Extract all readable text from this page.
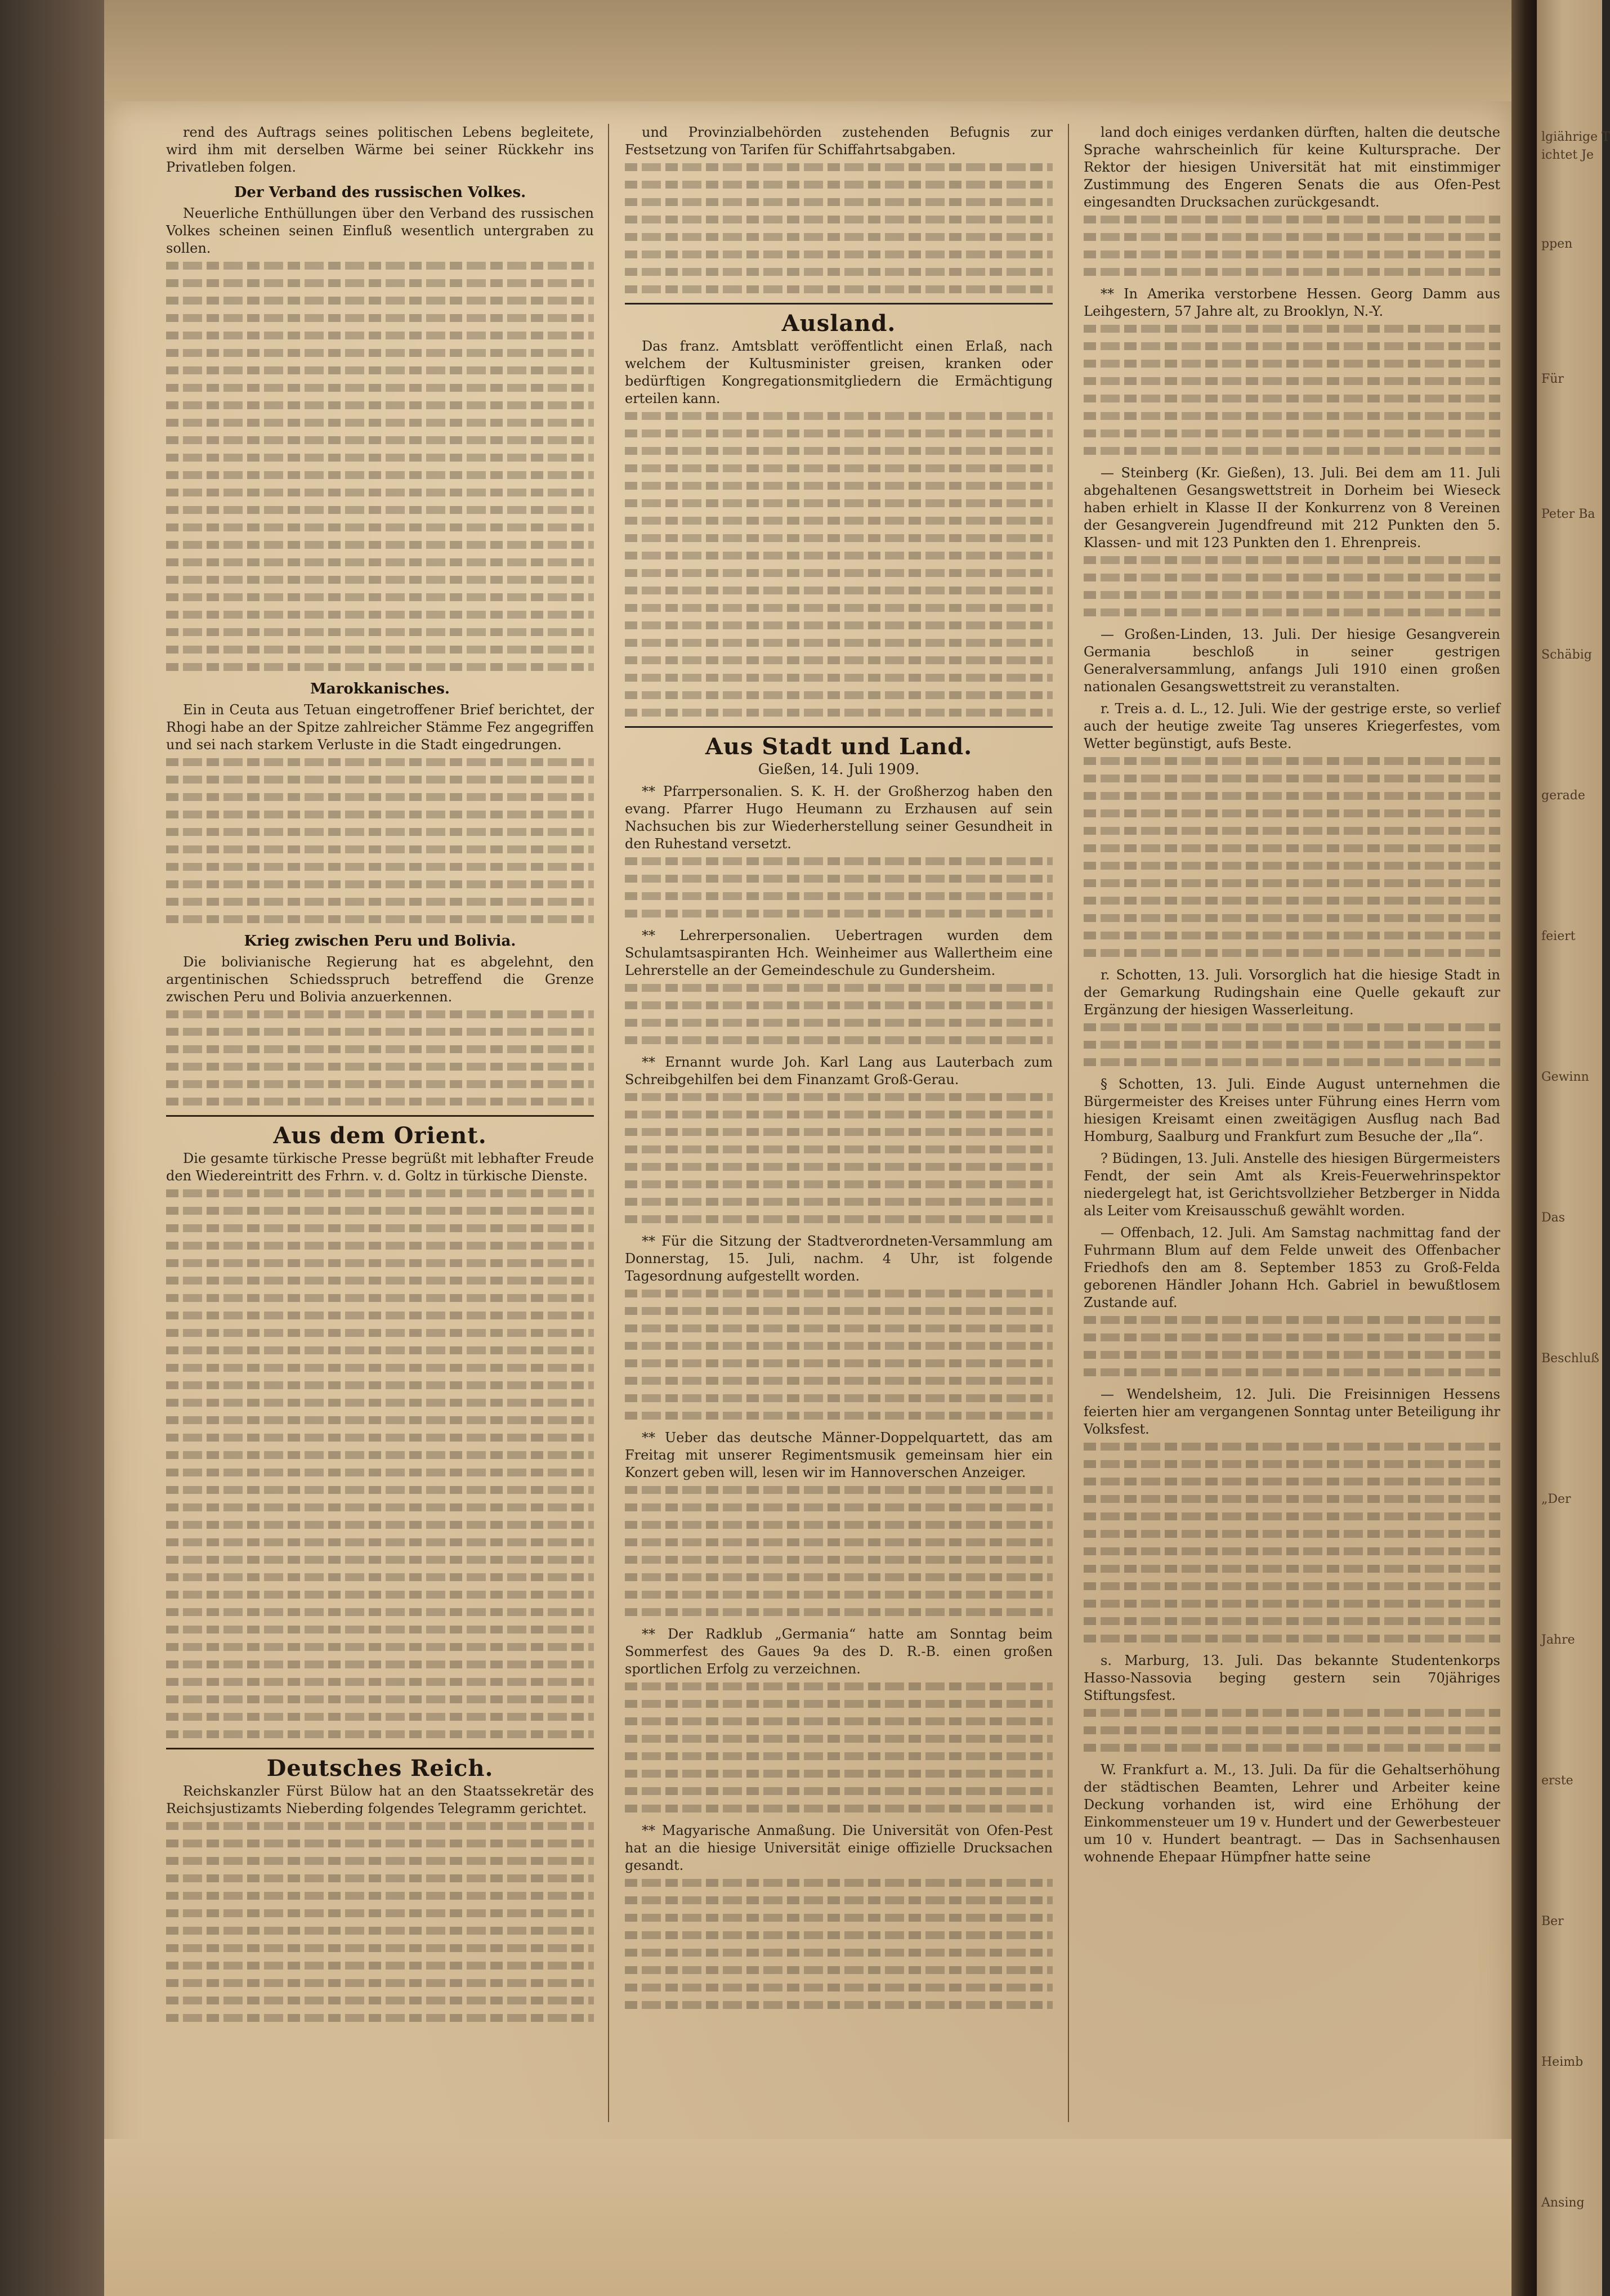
rend des Auftrags seines politischen Lebens begleitete, wird ihm mit derselben Wärme bei seiner Rückkehr ins Privatleben folgen.

Der Verband des russischen Volkes.

Neuerliche Enthüllungen über den Verband des russischen Volkes scheinen seinen Einfluß wesentlich untergraben zu sollen.

Marokkanisches.

Ein in Ceuta aus Tetuan eingetroffener Brief berichtet, der Rhogi habe an der Spitze zahlreicher Stämme Fez angegriffen und sei nach starkem Verluste in die Stadt eingedrungen.

Krieg zwischen Peru und Bolivia.

Die bolivianische Regierung hat es abgelehnt, den argentinischen Schiedsspruch betreffend die Grenze zwischen Peru und Bolivia anzuerkennen.

Aus dem Orient.

Die gesamte türkische Presse begrüßt mit lebhafter Freude den Wiedereintritt des Frhrn. v. d. Goltz in türkische Dienste.

Deutsches Reich.

Reichskanzler Fürst Bülow hat an den Staatssekretär des Reichsjustizamts Nieberding folgendes Telegramm gerichtet.

und Provinzialbehörden zustehenden Befugnis zur Festsetzung von Tarifen für Schiffahrtsabgaben.

Ausland.

Das franz. Amtsblatt veröffentlicht einen Erlaß, nach welchem der Kultusminister greisen, kranken oder bedürftigen Kongregationsmitgliedern die Ermächtigung erteilen kann.

Aus Stadt und Land.
Gießen, 14. Juli 1909.

** Pfarrpersonalien. S. K. H. der Großherzog haben den evang. Pfarrer Hugo Heumann zu Erzhausen auf sein Nachsuchen bis zur Wiederherstellung seiner Gesundheit in den Ruhestand versetzt.

** Lehrerpersonalien. Uebertragen wurden dem Schulamtsaspiranten Hch. Weinheimer aus Wallertheim eine Lehrerstelle an der Gemeindeschule zu Gundersheim.

** Ernannt wurde Joh. Karl Lang aus Lauterbach zum Schreibgehilfen bei dem Finanzamt Groß-Gerau.

** Für die Sitzung der Stadtverordneten-Versammlung am Donnerstag, 15. Juli, nachm. 4 Uhr, ist folgende Tagesordnung aufgestellt worden.

** Ueber das deutsche Männer-Doppelquartett, das am Freitag mit unserer Regimentsmusik gemeinsam hier ein Konzert geben will, lesen wir im Hannoverschen Anzeiger.

** Der Radklub „Germania“ hatte am Sonntag beim Sommerfest des Gaues 9a des D. R.-B. einen großen sportlichen Erfolg zu verzeichnen.

** Magyarische Anmaßung. Die Universität von Ofen-Pest hat an die hiesige Universität einige offizielle Drucksachen gesandt.

land doch einiges verdanken dürften, halten die deutsche Sprache wahrscheinlich für keine Kultursprache. Der Rektor der hiesigen Universität hat mit einstimmiger Zustimmung des Engeren Senats die aus Ofen-Pest eingesandten Drucksachen zurückgesandt.

** In Amerika verstorbene Hessen. Georg Damm aus Leihgestern, 57 Jahre alt, zu Brooklyn, N.-Y.

— Steinberg (Kr. Gießen), 13. Juli. Bei dem am 11. Juli abgehaltenen Gesangswettstreit in Dorheim bei Wieseck haben erhielt in Klasse II der Konkurrenz von 8 Vereinen der Gesangverein Jugendfreund mit 212 Punkten den 5. Klassen- und mit 123 Punkten den 1. Ehrenpreis.

— Großen-Linden, 13. Juli. Der hiesige Gesangverein Germania beschloß in seiner gestrigen Generalversammlung, anfangs Juli 1910 einen großen nationalen Gesangswettstreit zu veranstalten.

r. Treis a. d. L., 12. Juli. Wie der gestrige erste, so verlief auch der heutige zweite Tag unseres Kriegerfestes, vom Wetter begünstigt, aufs Beste.

r. Schotten, 13. Juli. Vorsorglich hat die hiesige Stadt in der Gemarkung Rudingshain eine Quelle gekauft zur Ergänzung der hiesigen Wasserleitung.

§ Schotten, 13. Juli. Einde August unternehmen die Bürgermeister des Kreises unter Führung eines Herrn vom hiesigen Kreisamt einen zweitägigen Ausflug nach Bad Homburg, Saalburg und Frankfurt zum Besuche der „Ila“.

? Büdingen, 13. Juli. Anstelle des hiesigen Bürgermeisters Fendt, der sein Amt als Kreis-Feuerwehrinspektor niedergelegt hat, ist Gerichtsvollzieher Betzberger in Nidda als Leiter vom Kreisausschuß gewählt worden.

— Offenbach, 12. Juli. Am Samstag nachmittag fand der Fuhrmann Blum auf dem Felde unweit des Offenbacher Friedhofs den am 8. September 1853 zu Groß-Felda geborenen Händler Johann Hch. Gabriel in bewußtlosem Zustande auf.

— Wendelsheim, 12. Juli. Die Freisinnigen Hessens feierten hier am vergangenen Sonntag unter Beteiligung ihr Volksfest.

s. Marburg, 13. Juli. Das bekannte Studentenkorps Hasso-Nassovia beging gestern sein 70jähriges Stiftungsfest.

W. Frankfurt a. M., 13. Juli. Da für die Gehaltserhöhung der städtischen Beamten, Lehrer und Arbeiter keine Deckung vorhanden ist, wird eine Erhöhung der Einkommensteuer um 19 v. Hundert und der Gewerbesteuer um 10 v. Hundert beantragt. — Das in Sachsenhausen wohnende Ehepaar Hümpfner hatte seine

lgiährige T
ichtet Je
ppen
Für
Peter Ba
Schäbig
gerade
feiert
Gewinn
Das
Beschluß
„Der
Jahre
erste
Ber
Heimb
Ansing
